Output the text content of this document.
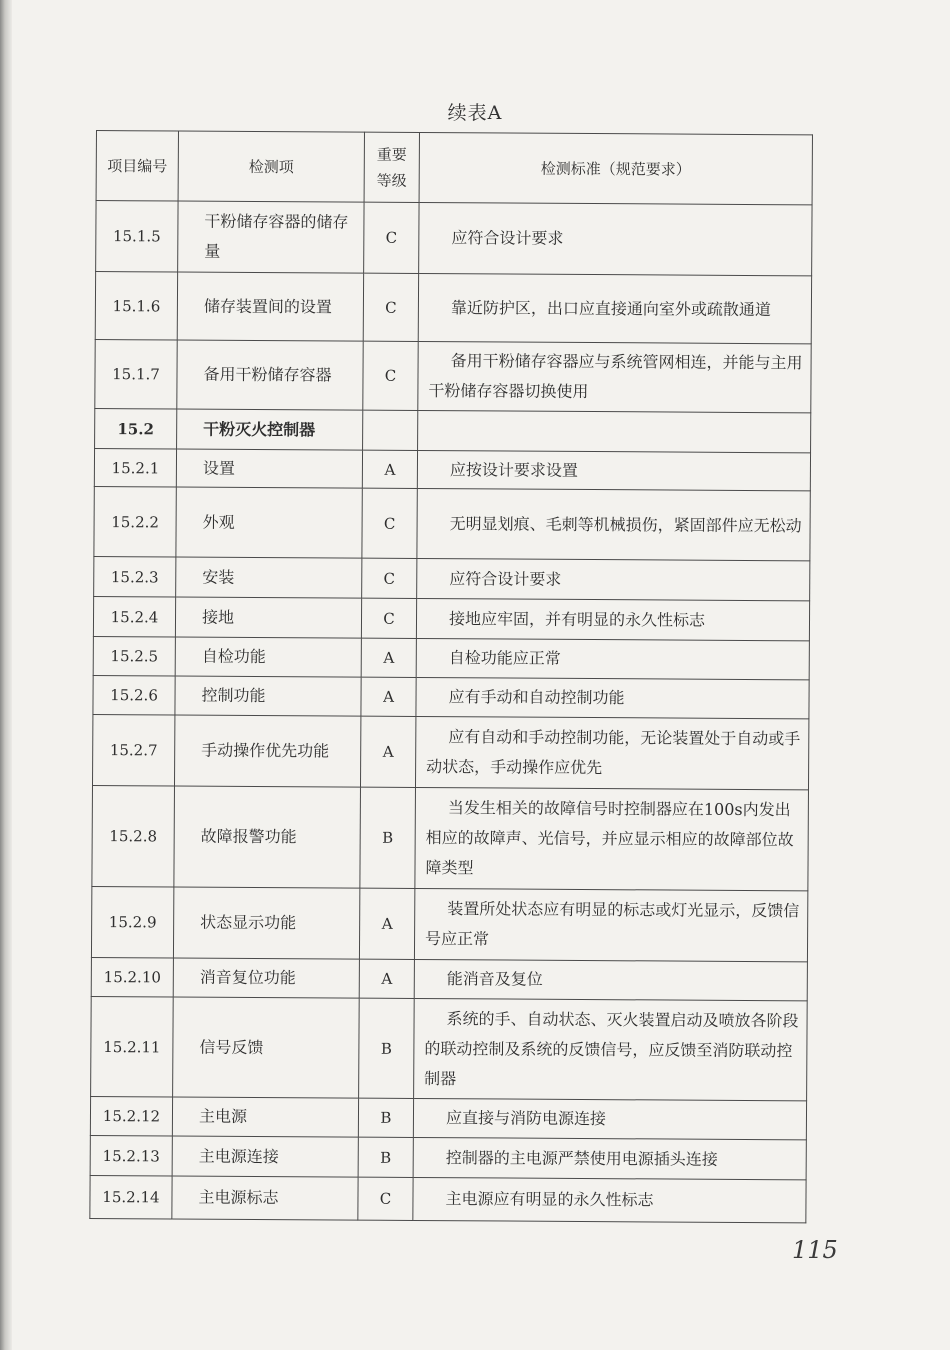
续表A
项目编号	检测项	重要等级	检测标准（规范要求）
15.1.5	干粉储存容器的储存量	C	应符合设计要求
15.1.6	储存装置间的设置	C	靠近防护区，出口应直接通向室外或疏散通道
15.1.7	备用干粉储存容器	C	备用干粉储存容器应与系统管网相连，并能与主用干粉储存容器切换使用
15.2	干粉灭火控制器		
15.2.1	设置	A	应按设计要求设置
15.2.2	外观	C	无明显划痕、毛刺等机械损伤，紧固部件应无松动
15.2.3	安装	C	应符合设计要求
15.2.4	接地	C	接地应牢固，并有明显的永久性标志
15.2.5	自检功能	A	自检功能应正常
15.2.6	控制功能	A	应有手动和自动控制功能
15.2.7	手动操作优先功能	A	应有自动和手动控制功能，无论装置处于自动或手动状态，手动操作应优先
15.2.8	故障报警功能	B	当发生相关的故障信号时控制器应在100s内发出相应的故障声、光信号，并应显示相应的故障部位故障类型
15.2.9	状态显示功能	A	装置所处状态应有明显的标志或灯光显示，反馈信号应正常
15.2.10	消音复位功能	A	能消音及复位
15.2.11	信号反馈	B	系统的手、自动状态、灭火装置启动及喷放各阶段的联动控制及系统的反馈信号，应反馈至消防联动控制器
15.2.12	主电源	B	应直接与消防电源连接
15.2.13	主电源连接	B	控制器的主电源严禁使用电源插头连接
15.2.14	主电源标志	C	主电源应有明显的永久性标志
115
